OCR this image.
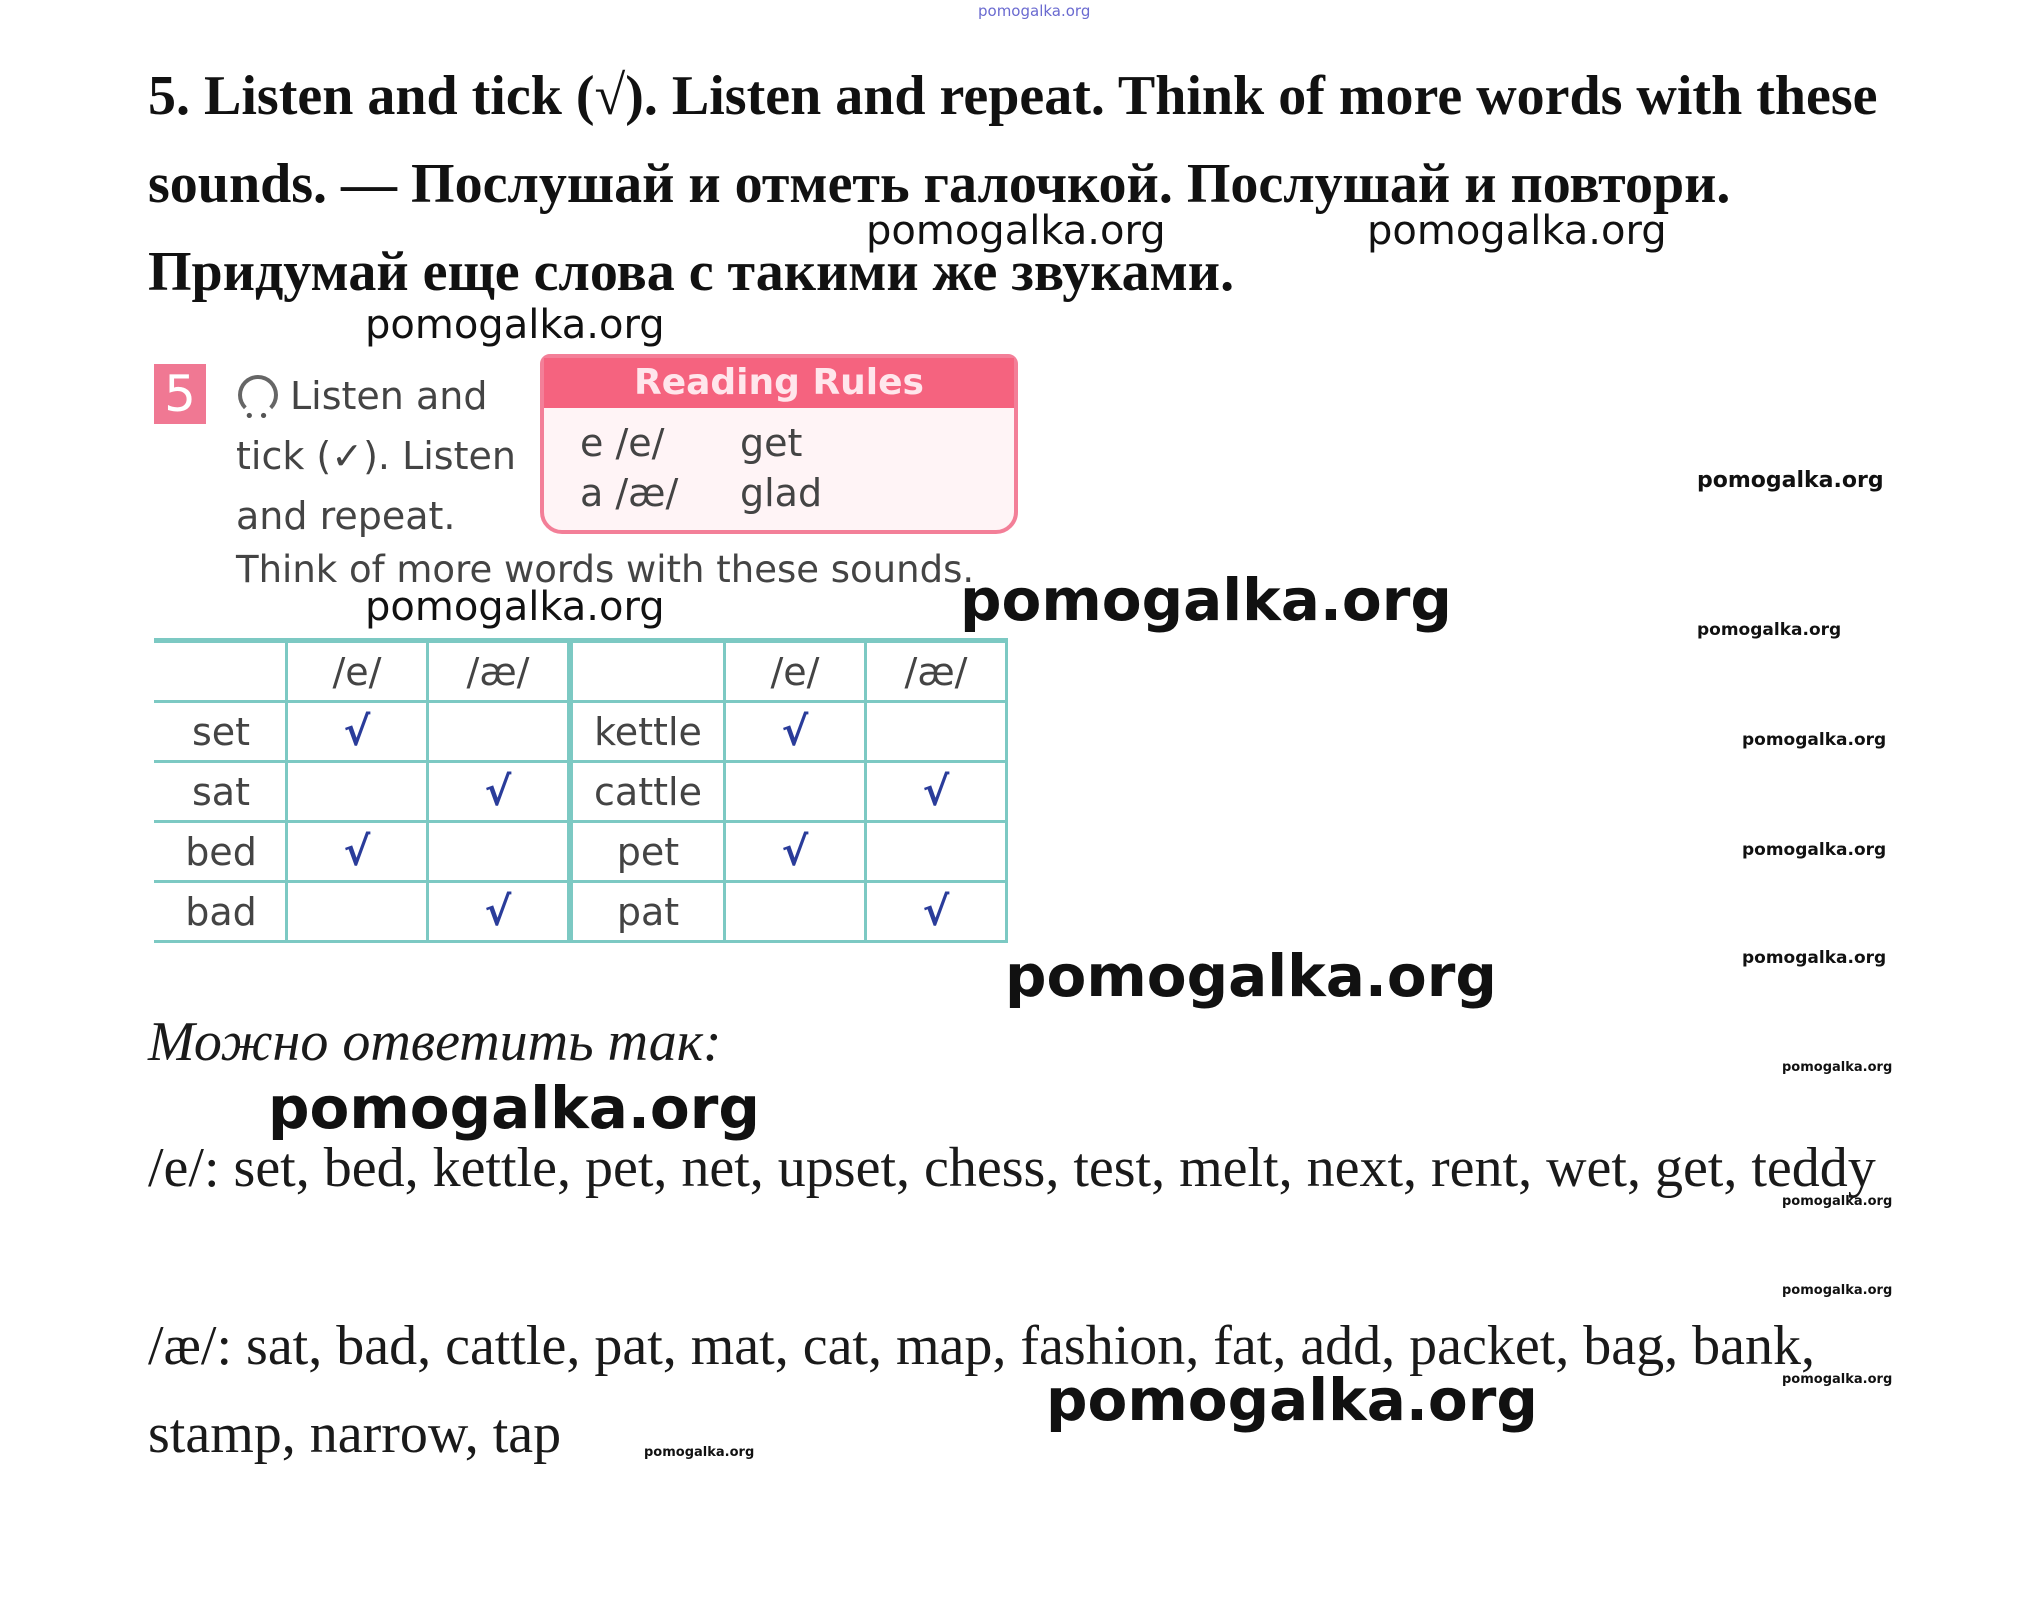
pomogalka.org

5. Listen and tick (√). Listen and repeat. Think of more words with these sounds. — Послушай и отметь галочкой. Послушай и повтори. Придумай еще слова с такими же звуками.

5 • •	Listen and
tick (✓). Listen
and repeat.
Think of more words with these sounds.
Reading Rules
e /e/ get
a /æ/ glad
	/e/	/æ/		/e/	/æ/
set	√		kettle	√	
sat		√	cattle		√
bed	√		pet	√	
bad		√	pat		√
pomogalka.org	pomogalka.org
pomogalka.org
pomogalka.org
pomogalka.org	pomogalka.org	pomogalka.org
pomogalka.org
pomogalka.org
pomogalka.org
pomogalka.org
pomogalka.org
pomogalka.org
pomogalka.org
pomogalka.org
pomogalka.org
pomogalka.org
pomogalka.org
Можно ответить так:
/e/: set, bed, kettle, pet, net, upset, chess, test, melt, next, rent, wet, get, teddy
/æ/: sat, bad, cattle, pat, mat, cat, map, fashion, fat, add, packet, bag, bank, stamp, narrow, tap
